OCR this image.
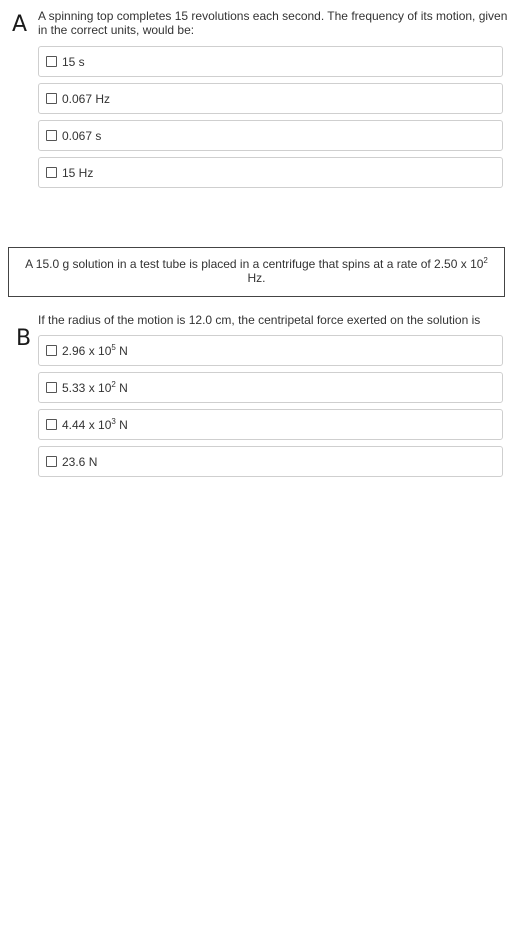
A A spinning top completes 15 revolutions each second. The frequency of its motion, given in the correct units, would be:
15 s
0.067 Hz
0.067 s
15 Hz
A 15.0 g solution in a test tube is placed in a centrifuge that spins at a rate of 2.50 x $10^2$ Hz.
If the radius of the motion is 12.0 cm, the centripetal force exerted on the solution is
B	2.96 x $10^5$ N
5.33 x $10^2$ N
4.44 x $10^3$ N
23.6 N
